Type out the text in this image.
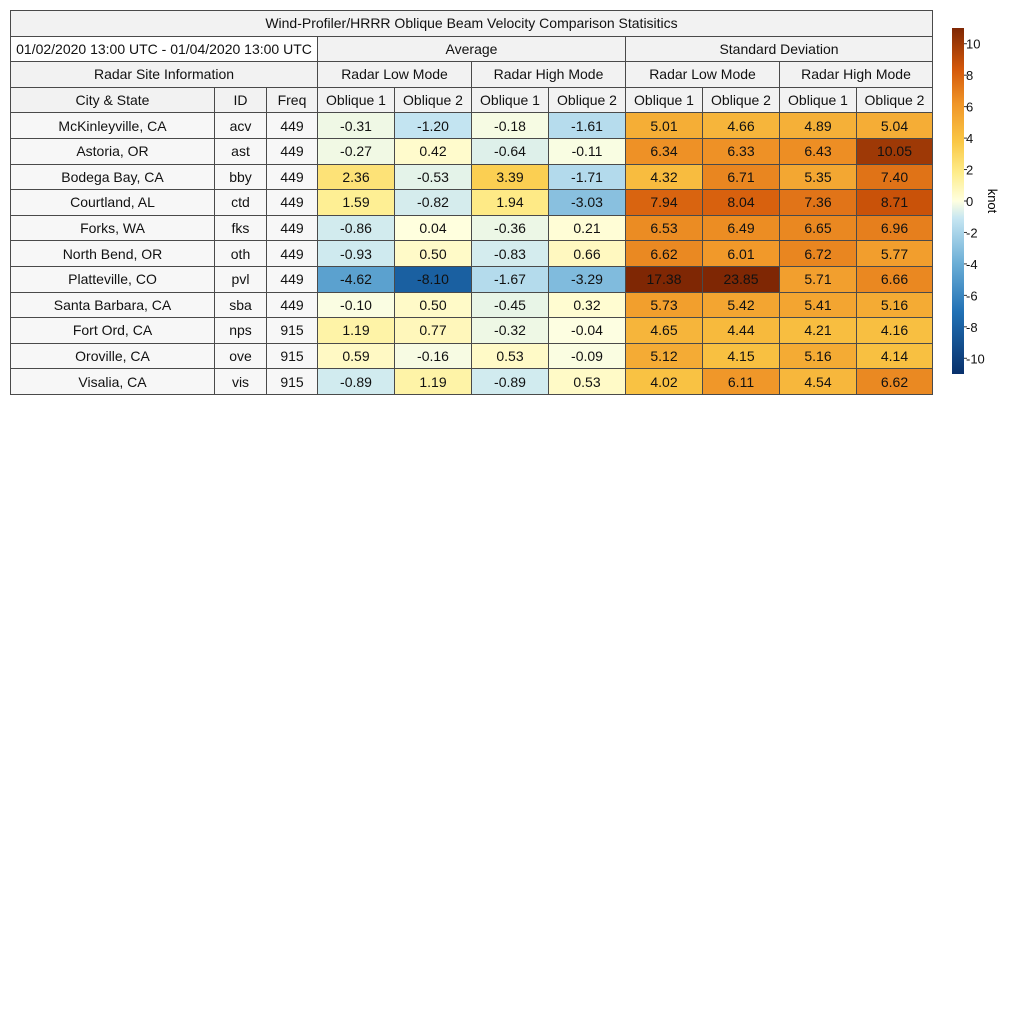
Wind-Profiler/HRRR Oblique Beam Velocity Comparison Statisitics										
01/02/2020 13:00 UTC - 01/04/2020 13:00 UTC			Average				Standard Deviation			
Radar Site Information			Radar Low Mode		Radar High Mode		Radar Low Mode		Radar High Mode	
City & State	ID	Freq	Oblique 1	Oblique 2	Oblique 1	Oblique 2	Oblique 1	Oblique 2	Oblique 1	Oblique 2
McKinleyville, CA	acv	449	-0.31	-1.20	-0.18	-1.61	5.01	4.66	4.89	5.04
Astoria, OR	ast	449	-0.27	0.42	-0.64	-0.11	6.34	6.33	6.43	10.05
Bodega Bay, CA	bby	449	2.36	-0.53	3.39	-1.71	4.32	6.71	5.35	7.40
Courtland, AL	ctd	449	1.59	-0.82	1.94	-3.03	7.94	8.04	7.36	8.71
Forks, WA	fks	449	-0.86	0.04	-0.36	0.21	6.53	6.49	6.65	6.96
North Bend, OR	oth	449	-0.93	0.50	-0.83	0.66	6.62	6.01	6.72	5.77
Platteville, CO	pvl	449	-4.62	-8.10	-1.67	-3.29	17.38	23.85	5.71	6.66
Santa Barbara, CA	sba	449	-0.10	0.50	-0.45	0.32	5.73	5.42	5.41	5.16
Fort Ord, CA	nps	915	1.19	0.77	-0.32	-0.04	4.65	4.44	4.21	4.16
Oroville, CA	ove	915	0.59	-0.16	0.53	-0.09	5.12	4.15	5.16	4.14
Visalia, CA	vis	915	-0.89	1.19	-0.89	0.53	4.02	6.11	4.54	6.62
10
8
6
4
2
0
-2
-4
-6
-8
-10
knot
